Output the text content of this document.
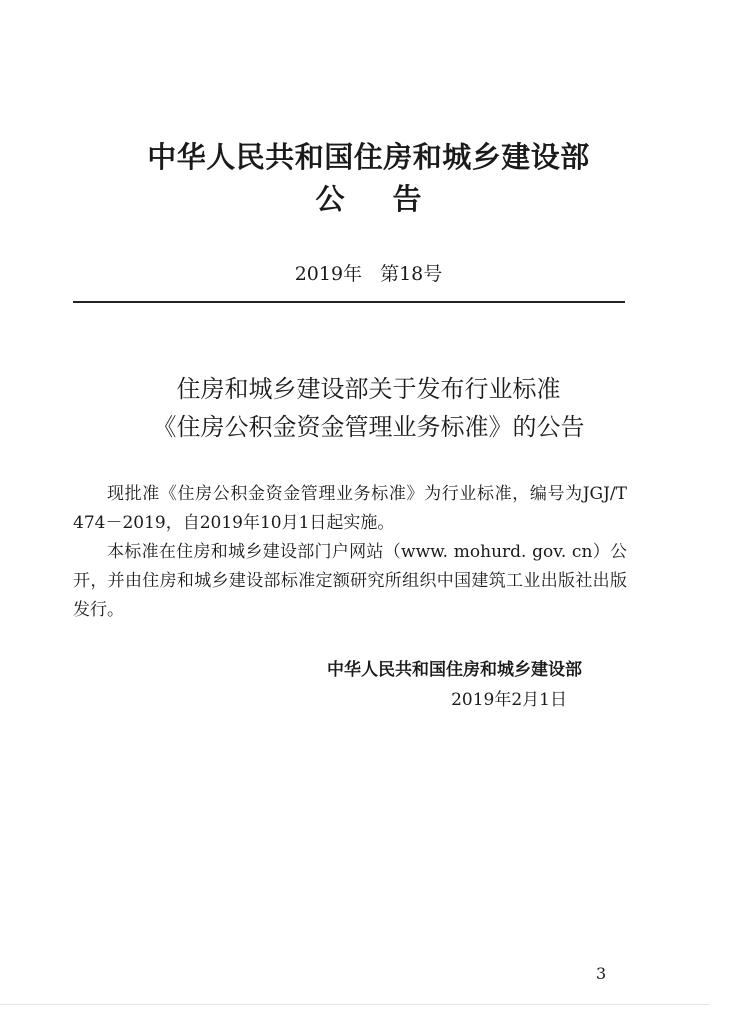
中华人民共和国住房和城乡建设部
公 告
2019年 第18号
住房和城乡建设部关于发布行业标准
《住房公积金资金管理业务标准》的公告

现批准《住房公积金资金管理业务标准》为行业标准，编号为JGJ/T 474－2019，自2019年10月1日起实施。

本标准在住房和城乡建设部门户网站（www. mohurd. gov. cn）公开，并由住房和城乡建设部标准定额研究所组织中国建筑工业出版社出版发行。

中华人民共和国住房和城乡建设部
2019年2月1日
3
